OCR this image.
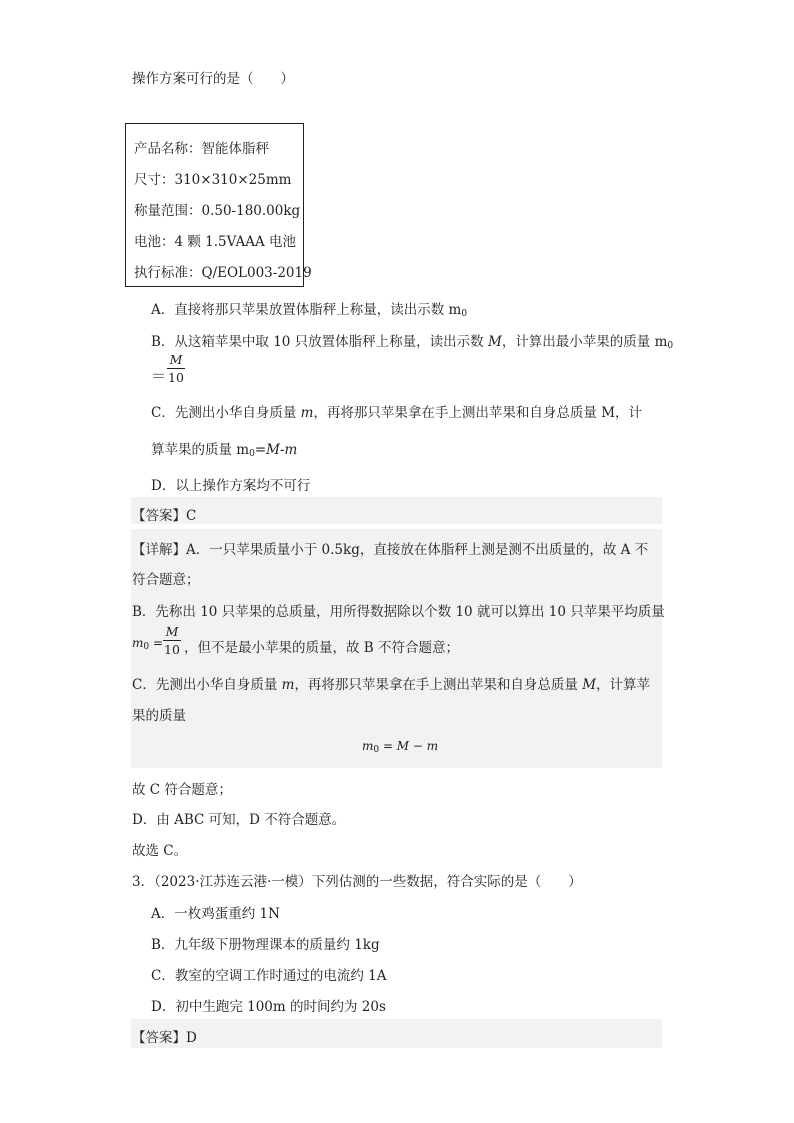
操作方案可行的是（　　）
产品名称：智能体脂秤
尺寸：310×310×25mm
称量范围：0.50-180.00kg
电池：4 颗 1.5VAAA 电池
执行标准：Q/EOL003-2019
A．直接将那只苹果放置体脂秤上称量，读出示数 $m_0$
B．从这箱苹果中取 10 只放置体脂秤上称量，读出示数 M，计算出最小苹果的质量 $m_0$
＝
M
10
C．先测出小华自身质量 m，再将那只苹果拿在手上测出苹果和自身总质量 M，计
算苹果的质量 $m_0=M-m$
D．以上操作方案均不可行
【答案】C
【详解】A．一只苹果质量小于 0.5kg，直接放在体脂秤上测是测不出质量的，故 A 不
符合题意；
B．先称出 10 只苹果的总质量，用所得数据除以个数 10 就可以算出 10 只苹果平均质量
$m_0$ =
M
10 ，但不是最小苹果的质量，故 B 不符合题意；
C．先测出小华自身质量 m，再将那只苹果拿在手上测出苹果和自身总质量 M，计算苹
果的质量
$m_0 = M - m$
故 C 符合题意；
D．由 ABC 可知，D 不符合题意。
故选 C。
3．（2023·江苏连云港·一模）下列估测的一些数据，符合实际的是（　　）
A．一枚鸡蛋重约 1N
B．九年级下册物理课本的质量约 1kg
C．教室的空调工作时通过的电流约 1A
D．初中生跑完 100m 的时间约为 20s
【答案】D
